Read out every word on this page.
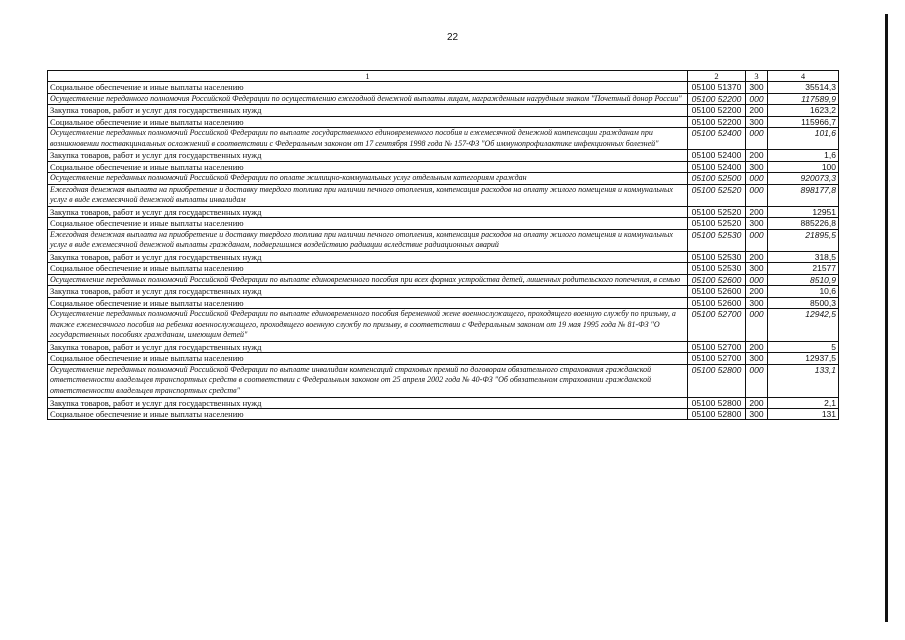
22
1	2	3	4
Социальное обеспечение и иные выплаты населению	05100 51370	300	35514,3
Осуществление переданного полномочия Российской Федерации по осуществлению ежегодной денежной выплаты лицам, награжденным нагрудным знаком "Почетный донор России"	05100 52200	000	117589,9
Закупка товаров, работ и услуг для государственных нужд	05100 52200	200	1623,2
Социальное обеспечение и иные выплаты населению	05100 52200	300	115966,7
Осуществление переданных полномочий Российской Федерации по выплате государственного единовременного пособия и ежемесячной денежной компенсации гражданам при возникновении поствакцинальных осложнений в соответствии с Федеральным законом от 17 сентября 1998 года № 157-ФЗ "Об иммунопрофилактике инфекционных болезней"	05100 52400	000	101,6
Закупка товаров, работ и услуг для государственных нужд	05100 52400	200	1,6
Социальное обеспечение и иные выплаты населению	05100 52400	300	100
Осуществление переданных полномочий Российской Федерации по оплате жилищно-коммунальных услуг отдельным категориям граждан	05100 52500	000	920073,3
Ежегодная денежная выплата на приобретение и доставку твердого топлива при наличии печного отопления, компенсация расходов на оплату жилого помещения и коммунальных услуг в виде ежемесячной денежной выплаты инвалидам	05100 52520	000	898177,8
Закупка товаров, работ и услуг для государственных нужд	05100 52520	200	12951
Социальное обеспечение и иные выплаты населению	05100 52520	300	885226,8
Ежегодная денежная выплата на приобретение и доставку твердого топлива при наличии печного отопления, компенсация расходов на оплату жилого помещения и коммунальных услуг в виде ежемесячной денежной выплаты гражданам, подвергшимся воздействию радиации вследствие радиационных аварий	05100 52530	000	21895,5
Закупка товаров, работ и услуг для государственных нужд	05100 52530	200	318,5
Социальное обеспечение и иные выплаты населению	05100 52530	300	21577
Осуществление переданных полномочий Российской Федерации по выплате единовременного пособия при всех формах устройства детей, лишенных родительского попечения, в семью	05100 52600	000	8510,9
Закупка товаров, работ и услуг для государственных нужд	05100 52600	200	10,6
Социальное обеспечение и иные выплаты населению	05100 52600	300	8500,3
Осуществление переданных полномочий Российской Федерации по выплате единовременного пособия беременной жене военнослужащего, проходящего военную службу по призыву, а также ежемесячного пособия на ребенка военнослужащего, проходящего военную службу по призыву, в соответствии с Федеральным законом от 19 мая 1995 года № 81-ФЗ "О государственных пособиях гражданам, имеющим детей"	05100 52700	000	12942,5
Закупка товаров, работ и услуг для государственных нужд	05100 52700	200	5
Социальное обеспечение и иные выплаты населению	05100 52700	300	12937,5
Осуществление переданных полномочий Российской Федерации по выплате инвалидам компенсаций страховых премий по договорам обязательного страхования гражданской ответственности владельцев транспортных средств в соответствии с Федеральным законом от 25 апреля 2002 года № 40-ФЗ "Об обязательном страховании гражданской ответственности владельцев транспортных средств"	05100 52800	000	133,1
Закупка товаров, работ и услуг для государственных нужд	05100 52800	200	2,1
Социальное обеспечение и иные выплаты населению	05100 52800	300	131
